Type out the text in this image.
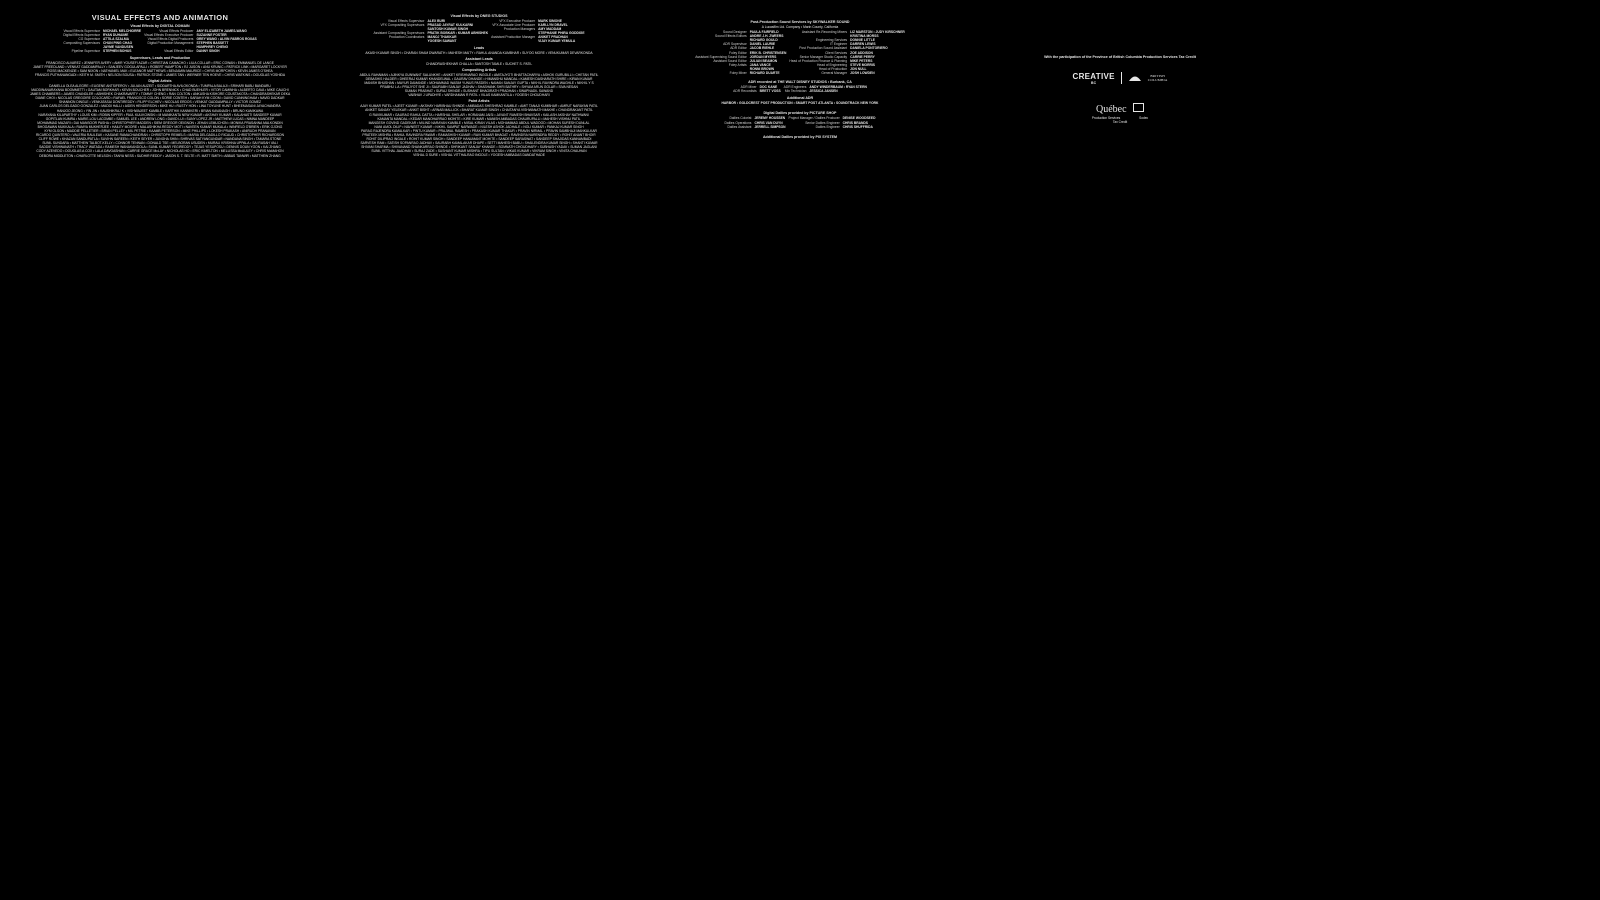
VISUAL EFFECTS AND ANIMATION
Visual Effects by DIGITAL DOMAIN
Visual Effects Supervisor	MICHAEL MELCHIORRE	Visual Effects Producer	AMY ELIZABETH JAMES-WANG
Digital Effects Supervisor	RYAN DUHAIME	Visual Effects Executive Producer	SUZANNE FOSTER
CG Supervisor	ATTILA SZALMA	Visual Effects Digital Producers	GREY WANG • ALVIN FABROS ROXAS
Compositing Supervisors	CHUN PING CHAO	Digital Production Management	STEPHEN BASSETT
	JAYME VANDUSEN		HUMPHREY CHENG
Pipeline Supervisor	STEPHEN BOHUS	Visual Effects Editor	DANNY SINGH
Supervisors, Leads and Production
FRANCISCO ALVAREZ • JENNIFER AVERY • AMIR YOUSEFI AZAR • CHRISTIAN CAMACHO • LILIA COLLAR • ERIC COWAN • EMMANUEL DE LANGE
JANET FREEDLAND • VENKAT GADDAMPALLY • SANJEEV GOGULAPALLI • ROBERT HAMPTON • RJ JUSON • ANU KRUNIC • PATRICK LINK • MARGARET LOCKYER
ROSS MACKENZIE • SAM NIXON • NATHANIEL MAK • ELEANOR MATTHEWS • BENJAMIN MAURICE • CHRIS MORPCHEN • KEVIN JAMES O'SHEA
FRANCIS PUTHANANGADI • KEITH M. SMITH • NELSON SOUSA • PATRICK STONE • JAMES TAN • WERNER TEN HOEVE • CHRIS WATKINS • DOUGLAS YOSHIDA
Digital Artists
DANIELLA OLEA ALEGRE • EUGENE ANTSIFEROV • JULIAN AUZEIT • SIDDARTHA AVILOKONDA • TUMPALA BALAJI • SRIHARI BABU BANDARU
MADDINANARAYANA BOOMMETTI • GAUTAM BORKHAR • KEVIN BOUCHER • JOHN BRENNICK • CHAD BUEHLER • VITOR CAMINHA • ALBERTO CAVA • MIKE CAUCHI
JAMES CHAMBERS • JAMES CHANDLER • ABHISHEK CHAKRAVARTY • TOMMY CHENG • RAN COLTON • ANKUSHA KISHORE COUSTAKOTA • CHANDRASHEKAR DEKA
DIANE CHOI • NICOLAS GREGOIRE COLOCARD • RAFAEL FRANCISCO COLON • SORIE CONTEH • SARAH KYM COOM • DAVID CUNNINGHAM • NAVID DADKAR
SHANNON DINGLE • VENKATASAI DONTIREDDY • FILIPP ELCHEV • NICOLAS ERDOS • VENKAT GADDAMPALLY • VICTOR GOMEZ
JUAN CARLOS DELGADO GONZALEZ • MADDI HALLI • AIDEN HENDERSON • MIKE HU • RUSTY HON • LINA TOYLINE HUNT • BHEEMASANI JAYACHANDRA
HANJOO JEONG • YIN JIN • KAUSHIKRAJ K • VISHWAJEET KAMBLE • KARTHIK KANNIKERI • BRIAN KAVANAGH • BRUNO KAMIKAWA
NARAYANA KILAPARTHY • LOUIS KIM • ROBIN KIPFER • PAUL KULIKOWSKI • M MANIKANTA NEW KUMAR • AKSHAY KUMAR • KALAHASTI SANDEEP KUMAR
GOPITLAN KUMRA • MARIE-LOU LACOMBE • SAMUEL LEE • ANDREW LONG • DAVID LUI • SUNY LOPEZ JR • MATTHEW LUCAS • NIMNA MANDEEP
MOHAMMAD MAZARI • DAI MANSOOR PASHA • CHRISTOPHER MADDEN • SIEM GREGOR OEIGNON • JEHAN LEMUCHON • MONIKA PRASANNA MALKONDIN
BHOGAWAN MUKKALA • RAMYA MUKHERJEE • HAILEY MOORE • MALASHIKHA REDDY MOTI • NAVEEN KUMAR MUKALA • WINFIELD O'BRIEN • ERIK OJONG
KYM OLSON • MADDIE PELLETIER • BRIAN PELLEY • MIL PETRIE • KAAMB PETERSON • MIKE PHILLIPS • LOKESH PRAKASH • ANIRUDH PRANAVAN
RICARDO QUINTERO • VALERIA RAULEAK • KASANE RAMACHANDRAN • CHRISTOPH REIMELS • MARIA DELGADILLO RICAUD • CHRISTOPHER RICHARDSON
CLIFF ROWE • KHAZAN SANDUPATLA • SUVIHN SAREEN • KEITH SEYER • JUNGHA SHIN • SHRIVAS SATYANGUNDAR • NANDANA SINGH • TAMARA STONE
SUNIL SUNDARA • MATTHEW TALBOT-KELLY • CONNOR TENNAN • DONALD TSE • MELBORAN USUDEN • MURALI KRISHNA UPPALA • SAI RASAH VALI
SADDIE VISHWANATH • TRACY WATADA • RAMESH WANAKANDOLA • SUNIL KUMAR YEGIREDDY • TEJAS YESUPOSU • DENNIS DOUN YOON • KAI ZHANG
CODY AZEVEDO • DOUGLAS A COX • LALA DAVGASHAN • CARRIE GRACE McLAY • NICHOLAS HO • ERIC KIMELTON • MELLISSA McAULEY • CHRIS McMAHON
DEBORA MIDDLETON • CHARLOTTE NELSON • TANYA NESS • SUDHIR REDDY • JASON S. T. SELTE • R. MATT SMITH • ABBAS TANWIR • MATTHEW ZHANG
Visual Effects by DNEG STUDIOS
Visual Effects Supervisor	ALEX BURI	VFX Executive Producer	MARK SIMONE
VFX Compositing Supervisors	PRASAD JAYRAT KULKARNI	VFX Associate Line Producer	KARI-LYN DRAVEL
	SANTOSH KUMAR SINGH	Production Managers	AMY MADDAM
Assistant Compositing Supervisors	PRATIK BOBKAR • KUMAR ABHISHEK		STEPHANIE PHIRA GODDIGE
Production Coordinators	MANOJ THAKKAR	Assistant Production Manager	ANIKET PRADHAN
	YOGESH SAWANT		VIJAY KUMAR YEMULA
Leads
AKASH KUMAR SINGH • CHARAN SHAM DWARATH • MAHESH MAITY • RAHUL ANANDA KUMBHAR • SUYOG MORE • VENUKUMAR DEVARKONDA
Assistant Leads
CHANDRASHEKHAR CHALLA • SANTOSH TAMLE • SUCHET S. PATIL
Compositing Artists
ABDUL RAHAMAN • AJINKYA GUNWANT SALUNKHE • ANIKET KRISHNARAO INGOLE • AMITAJYOTI BHATTACHARYA • ASHOK GURUBILLI • CHETAN PATIL
DEBASHIS HALDER • DHEERAJ KUMAR KHANDELWAL • GAURAV DHANDE • HIMANSHU MANDAL • KAMESH DASHARATH SHIRE • KIRAN KUMAR
MANISH BHUSHAN • MAYUR DAMANDE • MOHAMMAD WASIM YUNUS PASDEN • NAMAN SANJAY GUPTA • NIKHIL RAVINDRA WAGHLE • NIKHIL Y S
PRABHU L A • PRAJYOT SHE JI • SAURABH SANJAY JADHAV • SHASHANK SHRI BATHRY • SHYAM ARUN GOLAR • SIVA NESAN
SUMAN PRABHAT • SURAJ SHINDE • SUSHANT BHAGIRATH PRADHAN • SWAPNADIL SAWAND
VAIBHAV J UPADHYE • VARDHAMAN R PATIL • VILAS KAMKANTILA • YOGESH CHOUDHARI
Paint Artists
AJAY KUMAR PATEL • AJEET KUMAR • AKSHAY HARIBHAU SHINDE • AMBADAS SHESHRAO KAMBLE • AMIT TANAJI KUMBHAR • AMRUT NARAYAN PATIL
ANIKET SANJAY YELEKAR • ANKIT BISHT • ARNAB MALLICK • BHARAT KUMAR SINGH • CHAITANYA VISHWANATH MAKHE • CHANDRAKANT PATIL
G RAVIKUMAR • GAURAO RAHUL DATTA • HARSHAL SHELAR • HORANAM JAISI • JAYANT RAMESH BHAVSAR • KAILASH AKSHAY NATHWANI
KAMANTA MANDAL • KEDAR MANOHARRAO MOHITE • KIRE KUMAR • MANISH AMBADAS CHAURUPALLI • MAHESH VISHNU PATIL
MANGESH GOVIND GADEKAR • MILIND NARAYAN KAMBLE • MISAL KIRAN VILAS • MOHAMMAD ABDUL WADOOD • MOHAN SURESH DUNLAL
NANI AMOL DILIP • NAVNEET KUMAR • NIKHIL SAMPAT NARWADE • NILESH ASHOK JADHALE • NOLI KUMAR • PANKAJ KUMAR SINGH
PARAG RAJENDRA KAMALKAR • PINTU KUMAR • PRAJWAL RAMESH • PRAKASH KUMAR THAKUR • PRAVIN NIRMAL • PRAVIN SAMBHAJI MANKULKAR
PRATEEK MISHRA • RAHUL RAVINDRA PAWAR • RAMASHISH KUMAR • RAVI KUMAR BHAGAT • RAVINDRA NARENDRA REDDY • ROHIT ANANT BHOIR
ROHIT DILIPRAO INGALE • ROHIT KUMAR SINGH • SANDEEP HANUMANT MOHITE • SANDEEP SARASWAT • SANDEEP SHAJIDAS KANNAMBADI
SARVESH RAM • SATISH SOPANRAO JADHAV • SAURABH KAMALAKAR DHAPE • SETTI MAHESH BABU • SHAILENDRA KUMAR SINGH • SHANTI KUMAR
SHIVAM SHARMA • SHIVANAND SHANKARRAO SHINDE • SHRIKANT SANJAY KHANDE • SOMNATH CHOUDHARY • SUBHASH YADAV • SUMAN JAGLANI
SUNIL VITTHAL JAADHAV • SURAJ ZADE • SUSHANT KUMAR MISHRA • TIPU SULTAN • VIKAS KUMAR • VIKRAM SINGH • VINITA CHAUHAN
VISHAL D SURE • VISHAL VITTHALRAO INGOLE • YOGESH AMBADAS DANDATHADE
Post-Production Sound Services by SKYWALKER SOUND
A Lucasfilm Ltd. Company • Marin County, California
Sound Designer	PAULA FAIRFIELD	Assistant Re-Recording Mixers	LIZ MARSTON • JUDY KIRSCHNER
Sound Effects Editors	ANDRE J.H. ZWEERS		KRISTINA MORSS
	RICHARD GOULD	Engineering Services	DONNIE LITTLE
ADR Supervisor	DANIEL LAURIE	IT Engineer	DARREN LEWIS
ADR Editor	JACOB RIEHLE	Post Production Sound Assistant	DANIELA PONTORIERO
Foley Editor	ERIK B. CHRISTENSEN	Client Services	ZOE ADDISON
Assistant Supervising Sound Editor	JORDAN MYERS	Senior Manager Studio Capacity	CARRIE PERRY
Assistant Sound Editor	JULIAN BEAMON	Head of Production Finance & Planning	MIKE PETERS
Foley Artists	JANA VANCE	Head of Engineering	STEVE MORRIS
	RONNI BROWN	Head of Production	JON NULL
Foley Mixer	RICHARD DUARTE	General Manager	JOSH LOWDEN
ADR recorded at THE WALT DISNEY STUDIOS • Burbank, CA
ADR Mixer	DOC KANE	ADR Engineers	ANDY WINDERBAUM • RYAN STERN
ADR Recordists	BRETT VOSS	Mix Technician	JESSICA JANSEN
Additional ADR
HARBOR • GOLDCREST POST PRODUCTION • SMART POST ATLANTA • SOUNDTRACK NEW YORK
Digital Dailies provided by PICTURE SHOP
Dailies Colorist	JEREMY HOUSSEN	Project Manager / Dailies Producer	DENISE WOODSEED
Dailies Operations	CHRIS VAN DUYN	Senior Dailies Engineer	CHRIS BRANDS
Dailies Assistant	JERRELL SIMPSON	Dailies Engineer	CHRIS SHUFFRIDA
Additional Dailies provided by PIX SYSTEM
With the participation of the Province of British Columbia Production Services Tax Credit
CREATIVE
BC
BRITISH
COLUMBIA
Québec
Production Services	Sodec
Tax Credit
